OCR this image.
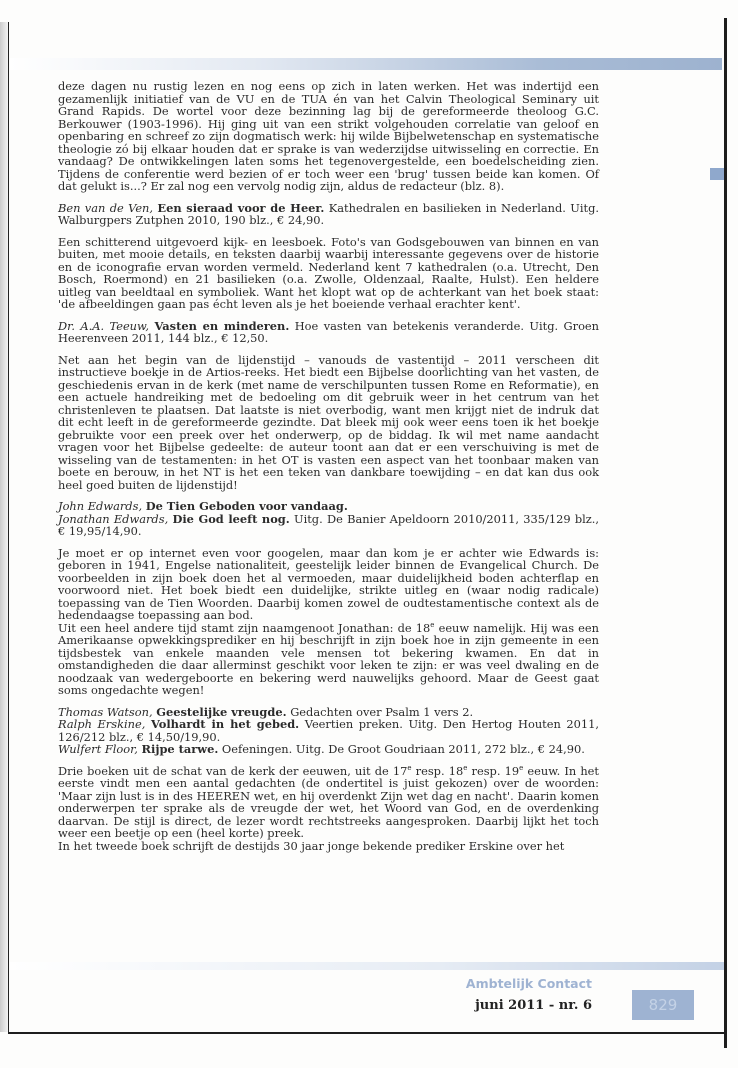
deze dagen nu rustig lezen en nog eens op zich in laten werken. Het was indertijd een gezamenlijk initiatief van de VU en de TUA én van het Calvin Theological Seminary uit Grand Rapids. De wortel voor deze bezinning lag bij de gereformeerde theoloog G.C. Berkouwer (1903-1996). Hij ging uit van een strikt volgehouden correlatie van geloof en openbaring en schreef zo zijn dogmatisch werk: hij wilde Bijbelwetenschap en systematische theologie zó bij elkaar houden dat er sprake is van wederzijdse uitwisseling en correctie. En vandaag? De ontwikkelingen laten soms het tegenovergestelde, een boedelscheiding zien. Tijdens de conferentie werd bezien of er toch weer een 'brug' tussen beide kan komen. Of dat gelukt is...? Er zal nog een vervolg nodig zijn, aldus de redacteur (blz. 8).

Ben van de Ven, Een sieraad voor de Heer. Kathedralen en basilieken in Nederland. Uitg. Walburgpers Zutphen 2010, 190 blz., € 24,90.

Een schitterend uitgevoerd kijk- en leesboek. Foto's van Godsgebouwen van binnen en van buiten, met mooie details, en teksten daarbij waarbij interessante gegevens over de historie en de iconografie ervan worden vermeld. Nederland kent 7 kathedralen (o.a. Utrecht, Den Bosch, Roermond) en 21 basilieken (o.a. Zwolle, Oldenzaal, Raalte, Hulst). Een heldere uitleg van beeldtaal en symboliek. Want het klopt wat op de achterkant van het boek staat: 'de afbeeldingen gaan pas écht leven als je het boeiende verhaal erachter kent'.

Dr. A.A. Teeuw, Vasten en minderen. Hoe vasten van betekenis veranderde. Uitg. Groen Heerenveen 2011, 144 blz., € 12,50.

Net aan het begin van de lijdenstijd – vanouds de vastentijd – 2011 verscheen dit instructieve boekje in de Artios-reeks. Het biedt een Bijbelse doorlichting van het vasten, de geschiedenis ervan in de kerk (met name de verschilpunten tussen Rome en Reformatie), en een actuele handreiking met de bedoeling om dit gebruik weer in het centrum van het christenleven te plaatsen. Dat laatste is niet overbodig, want men krijgt niet de indruk dat dit echt leeft in de gereformeerde gezindte. Dat bleek mij ook weer eens toen ik het boekje gebruikte voor een preek over het onderwerp, op de biddag. Ik wil met name aandacht vragen voor het Bijbelse gedeelte: de auteur toont aan dat er een verschuiving is met de wisseling van de testamenten: in het OT is vasten een aspect van het toonbaar maken van boete en berouw, in het NT is het een teken van dankbare toewijding – en dat kan dus ook heel goed buiten de lijdenstijd!

John Edwards, De Tien Geboden voor vandaag.

Jonathan Edwards, Die God leeft nog. Uitg. De Banier Apeldoorn 2010/2011, 335/129 blz., € 19,95/14,90.

Je moet er op internet even voor googelen, maar dan kom je er achter wie Edwards is: geboren in 1941, Engelse nationaliteit, geestelijk leider binnen de Evangelical Church. De voorbeelden in zijn boek doen het al vermoeden, maar duidelijkheid boden achterflap en voorwoord niet. Het boek biedt een duidelijke, strikte uitleg en (waar nodig radicale) toepassing van de Tien Woorden. Daarbij komen zowel de oudtestamentische context als de hedendaagse toepassing aan bod.

Uit een heel andere tijd stamt zijn naamgenoot Jonathan: de 18e eeuw namelijk. Hij was een Amerikaanse opwekkingsprediker en hij beschrijft in zijn boek hoe in zijn gemeente in een tijdsbestek van enkele maanden vele mensen tot bekering kwamen. En dat in omstandigheden die daar allerminst geschikt voor leken te zijn: er was veel dwaling en de noodzaak van wedergeboorte en bekering werd nauwelijks gehoord. Maar de Geest gaat soms ongedachte wegen!

Thomas Watson, Geestelijke vreugde. Gedachten over Psalm 1 vers 2.

Ralph Erskine, Volhardt in het gebed. Veertien preken. Uitg. Den Hertog Houten 2011, 126/212 blz., € 14,50/19,90.

Wulfert Floor, Rijpe tarwe. Oefeningen. Uitg. De Groot Goudriaan 2011, 272 blz., € 24,90.

Drie boeken uit de schat van de kerk der eeuwen, uit de 17e resp. 18e resp. 19e eeuw. In het eerste vindt men een aantal gedachten (de ondertitel is juist gekozen) over de woorden: 'Maar zijn lust is in des HEEREN wet, en hij overdenkt Zijn wet dag en nacht'. Daarin komen onderwerpen ter sprake als de vreugde der wet, het Woord van God, en de overdenking daarvan. De stijl is direct, de lezer wordt rechtstreeks aangesproken. Daarbij lijkt het toch weer een beetje op een (heel korte) preek.

In het tweede boek schrijft de destijds 30 jaar jonge bekende prediker Erskine over het

Ambtelijk Contact
juni 2011 - nr. 6	829
